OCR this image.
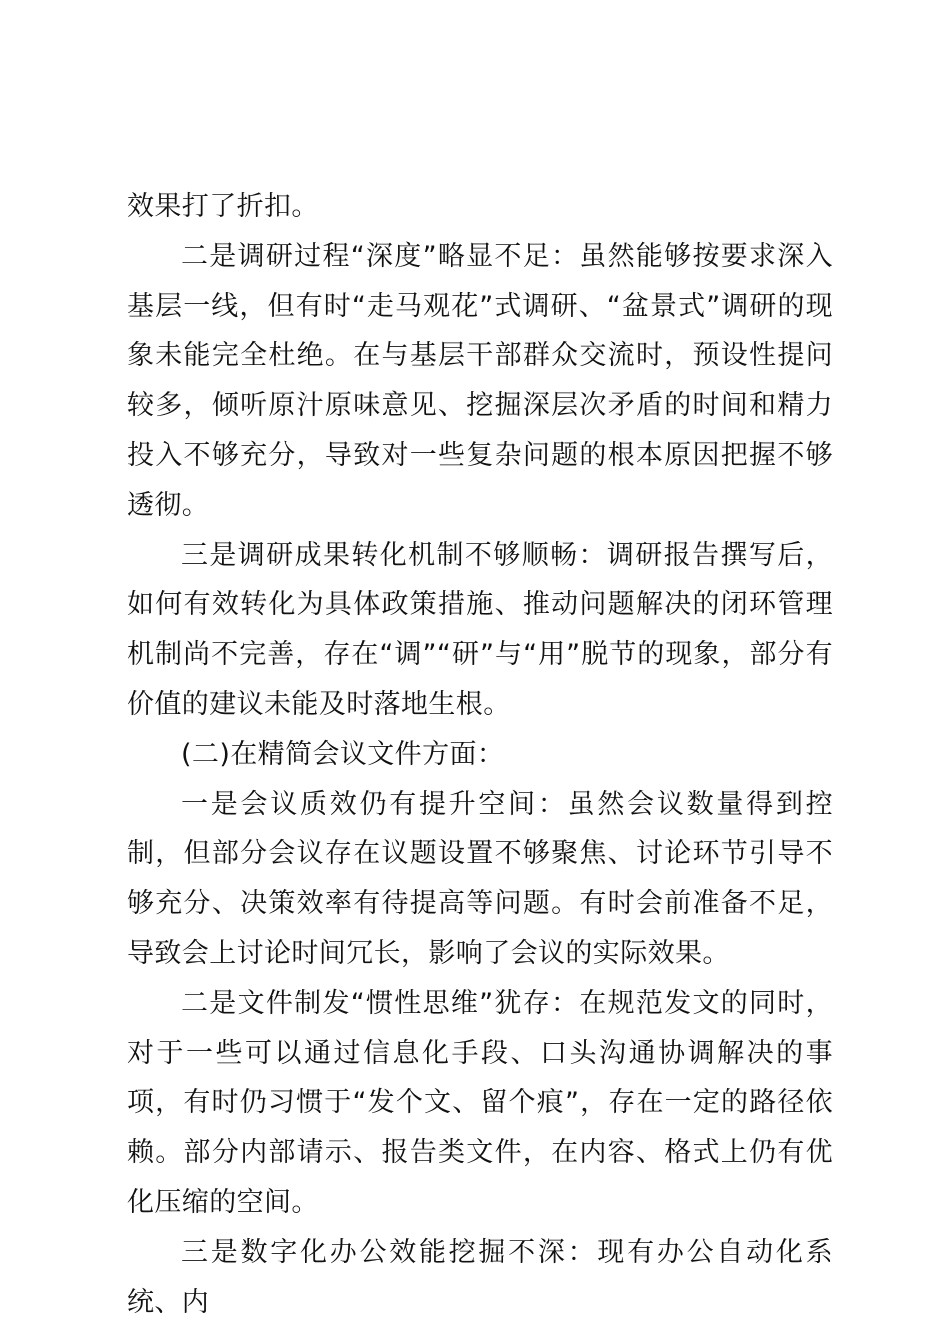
效果打了折扣。

二是调研过程“深度”略显不足：虽然能够按要求深入基层一线，但有时“走马观花”式调研、“盆景式”调研的现象未能完全杜绝。在与基层干部群众交流时，预设性提问较多，倾听原汁原味意见、挖掘深层次矛盾的时间和精力投入不够充分，导致对一些复杂问题的根本原因把握不够透彻。

三是调研成果转化机制不够顺畅：调研报告撰写后，如何有效转化为具体政策措施、推动问题解决的闭环管理机制尚不完善，存在“调”“研”与“用”脱节的现象，部分有价值的建议未能及时落地生根。

(二)在精简会议文件方面：

一是会议质效仍有提升空间：虽然会议数量得到控制，但部分会议存在议题设置不够聚焦、讨论环节引导不够充分、决策效率有待提高等问题。有时会前准备不足，导致会上讨论时间冗长，影响了会议的实际效果。

二是文件制发“惯性思维”犹存：在规范发文的同时，对于一些可以通过信息化手段、口头沟通协调解决的事项，有时仍习惯于“发个文、留个痕”，存在一定的路径依赖。部分内部请示、报告类文件，在内容、格式上仍有优化压缩的空间。

三是数字化办公效能挖掘不深：现有办公自动化系统、内
